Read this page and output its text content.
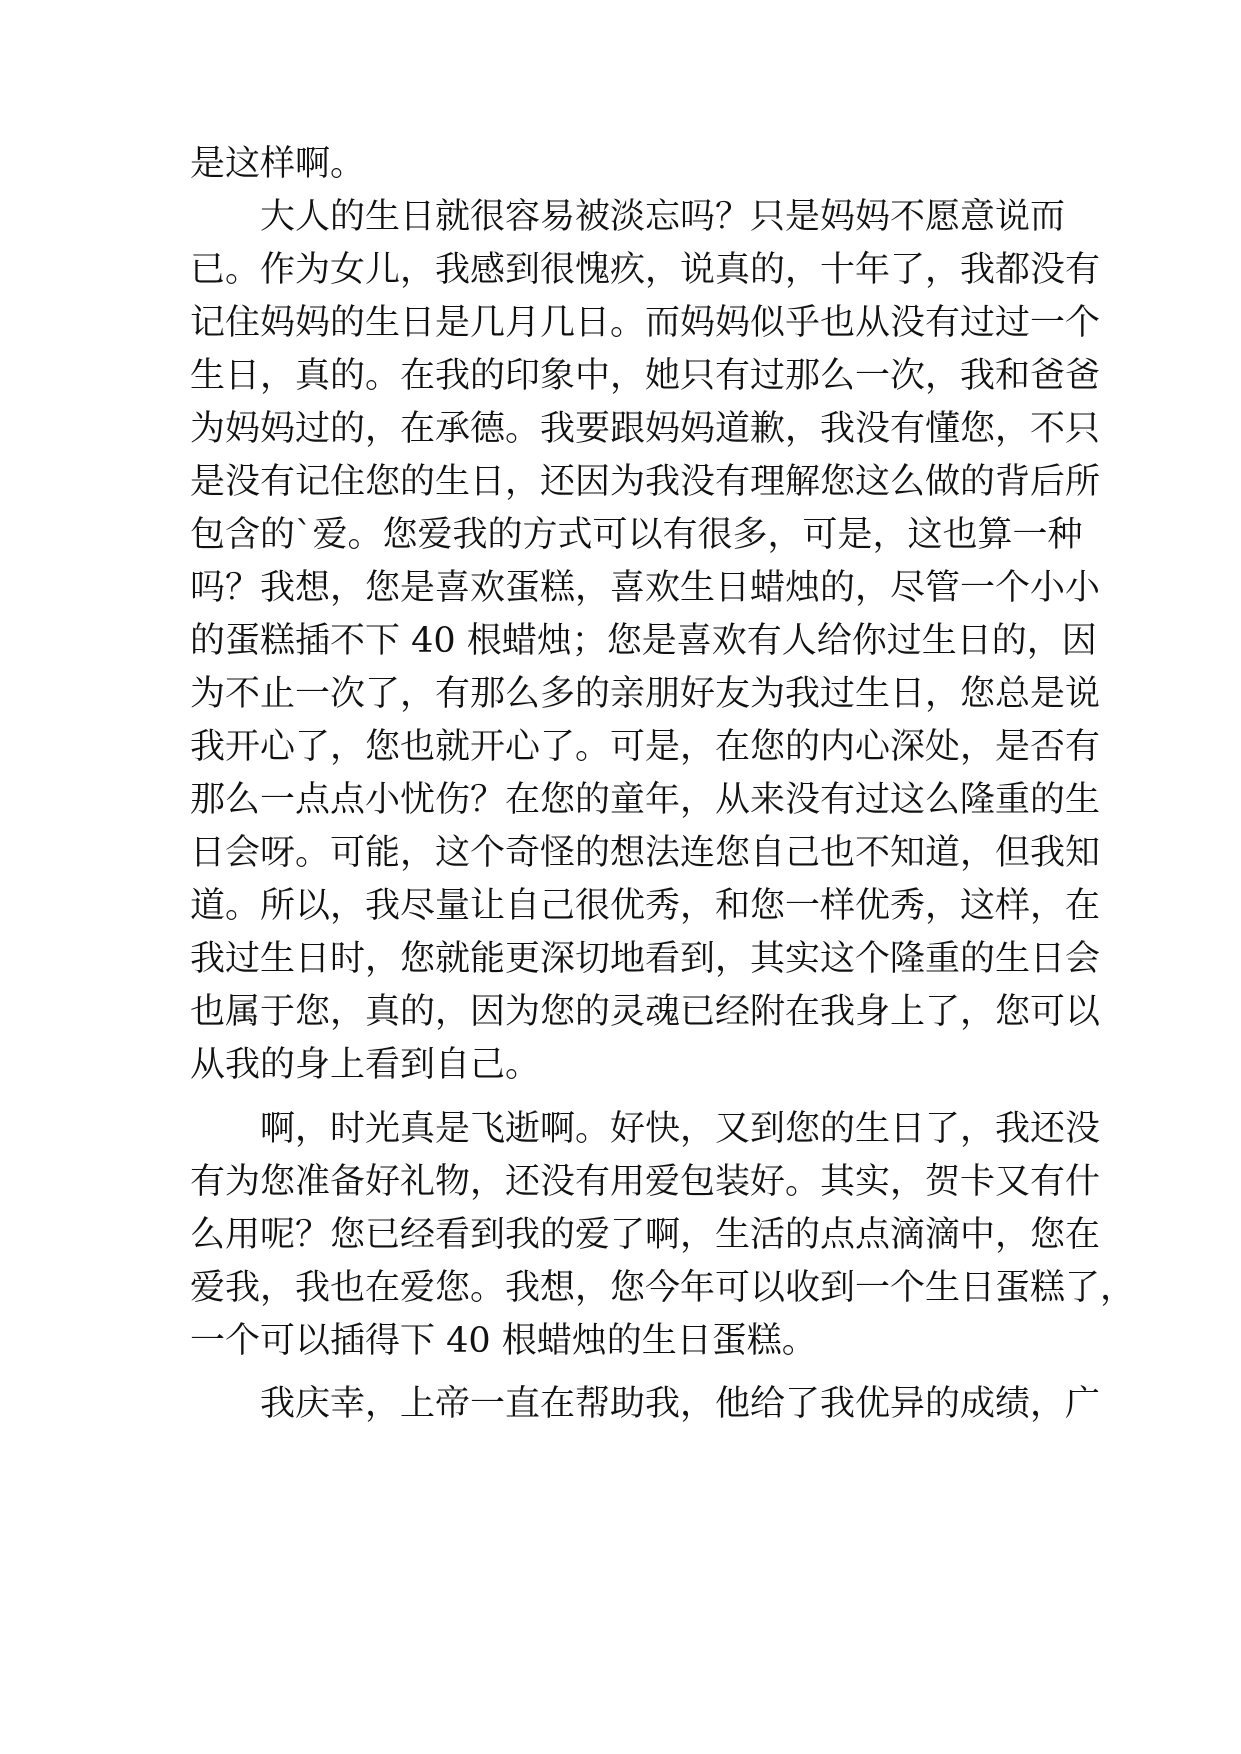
是这样啊。
大人的生日就很容易被淡忘吗？只是妈妈不愿意说而
已。作为女儿，我感到很愧疚，说真的，十年了，我都没有
记住妈妈的生日是几月几日。而妈妈似乎也从没有过过一个
生日，真的。在我的印象中，她只有过那么一次，我和爸爸
为妈妈过的，在承德。我要跟妈妈道歉，我没有懂您，不只
是没有记住您的生日，还因为我没有理解您这么做的背后所
包含的`爱。您爱我的方式可以有很多，可是，这也算一种
吗？我想，您是喜欢蛋糕，喜欢生日蜡烛的，尽管一个小小
的蛋糕插不下 40 根蜡烛；您是喜欢有人给你过生日的，因
为不止一次了，有那么多的亲朋好友为我过生日，您总是说
我开心了，您也就开心了。可是，在您的内心深处，是否有
那么一点点小忧伤？在您的童年，从来没有过这么隆重的生
日会呀。可能，这个奇怪的想法连您自己也不知道，但我知
道。所以，我尽量让自己很优秀，和您一样优秀，这样，在
我过生日时，您就能更深切地看到，其实这个隆重的生日会
也属于您，真的，因为您的灵魂已经附在我身上了，您可以
从我的身上看到自己。
啊，时光真是飞逝啊。好快，又到您的生日了，我还没
有为您准备好礼物，还没有用爱包装好。其实，贺卡又有什
么用呢？您已经看到我的爱了啊，生活的点点滴滴中，您在
爱我，我也在爱您。我想，您今年可以收到一个生日蛋糕了，
一个可以插得下 40 根蜡烛的生日蛋糕。
我庆幸，上帝一直在帮助我，他给了我优异的成绩，广
